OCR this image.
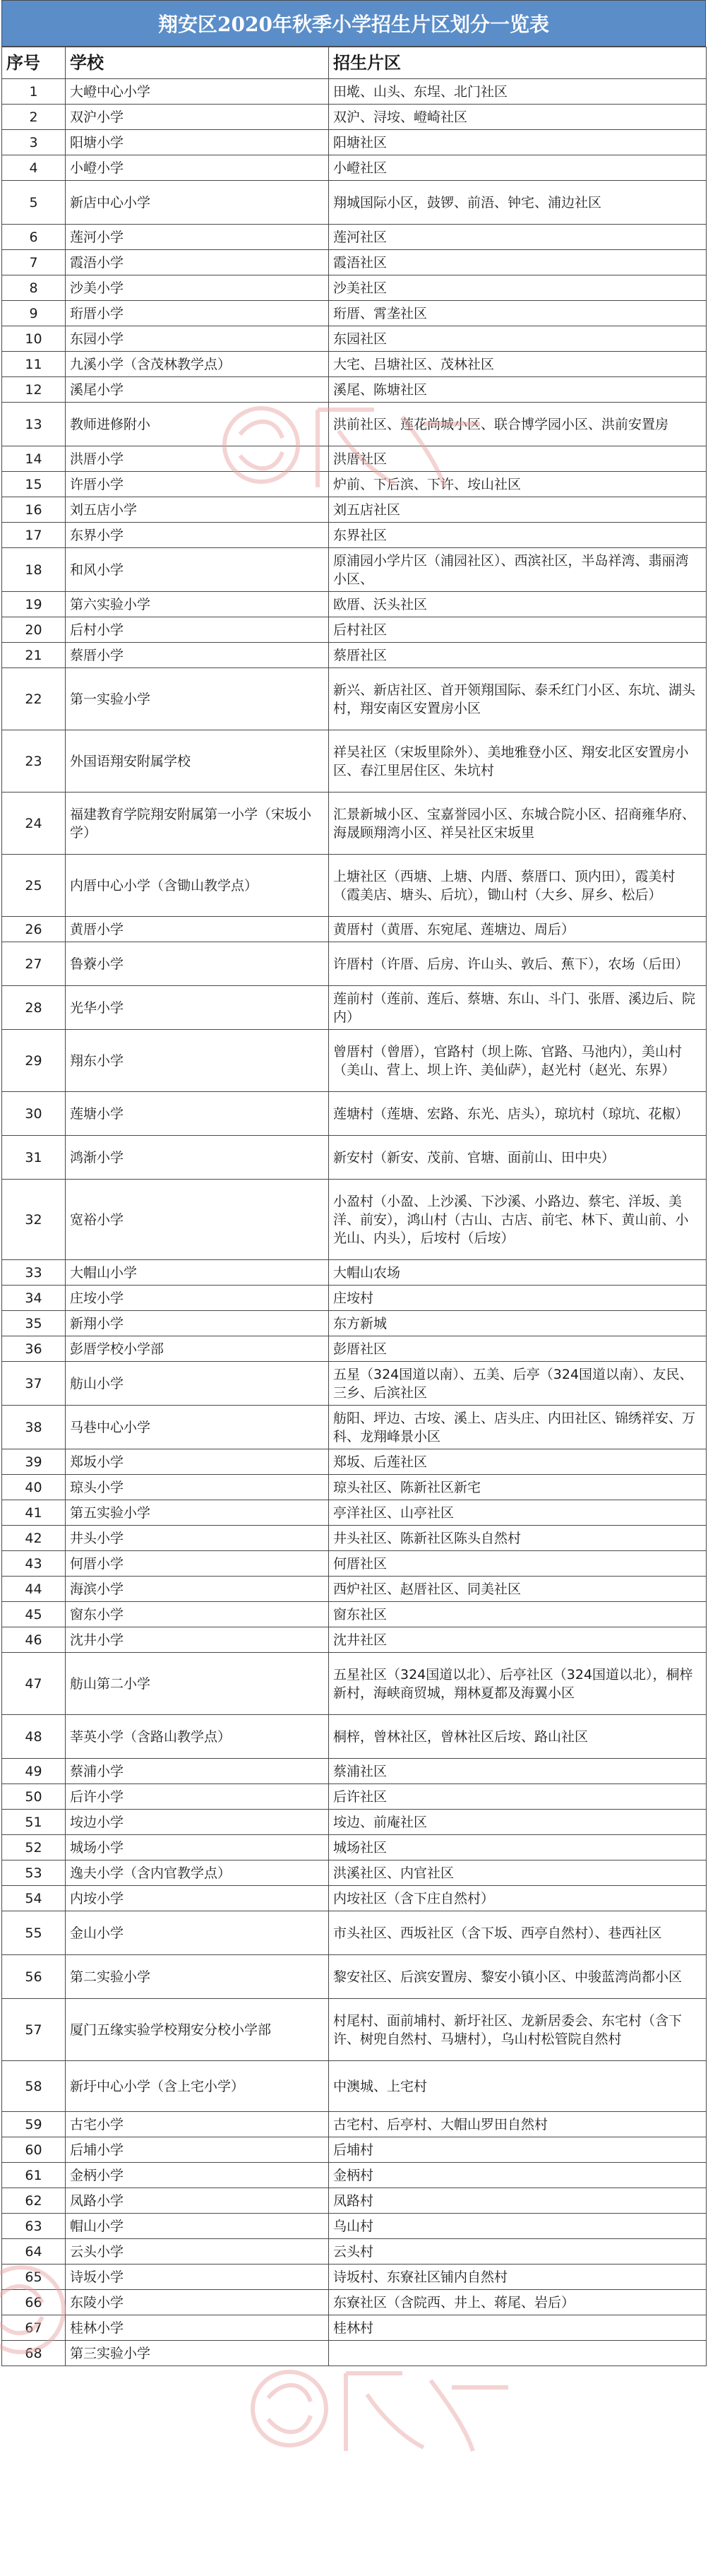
翔安区2020年秋季小学招生片区划分一览表
序号	学校	招生片区
1	大嶝中心小学	田墘、山头、东埕、北门社区
2	双沪小学	双沪、浔垵、嶝崎社区
3	阳塘小学	阳塘社区
4	小嶝小学	小嶝社区
5	新店中心小学	翔城国际小区，鼓锣、前浯、钟宅、浦边社区
6	莲河小学	莲河社区
7	霞浯小学	霞浯社区
8	沙美小学	沙美社区
9	珩厝小学	珩厝、霄垄社区
10	东园小学	东园社区
11	九溪小学（含茂林教学点）	大宅、吕塘社区、茂林社区
12	溪尾小学	溪尾、陈塘社区
13	教师进修附小	洪前社区、莲花尚城小区、联合博学园小区、洪前安置房
14	洪厝小学	洪厝社区
15	许厝小学	炉前、下后滨、下许、垵山社区
16	刘五店小学	刘五店社区
17	东界小学	东界社区
18	和风小学	原浦园小学片区（浦园社区）、西滨社区，半岛祥湾、翡丽湾小区、
19	第六实验小学	欧厝、沃头社区
20	后村小学	后村社区
21	蔡厝小学	蔡厝社区
22	第一实验小学	新兴、新店社区、首开领翔国际、泰禾红门小区、东坑、湖头村，翔安南区安置房小区
23	外国语翔安附属学校	祥吴社区（宋坂里除外）、美地雅登小区、翔安北区安置房小区、春江里居住区、朱坑村
24	福建教育学院翔安附属第一小学（宋坂小学）	汇景新城小区、宝嘉誉园小区、东城合院小区、招商雍华府、海晟顾翔湾小区、祥吴社区宋坂里
25	内厝中心小学（含锄山教学点）	上塘社区（西塘、上塘、内厝、蔡厝口、顶内田），霞美村（霞美店、塘头、后坑），锄山村（大乡、屏乡、松后）
26	黄厝小学	黄厝村（黄厝、东宛尾、莲塘边、周后）
27	鲁藔小学	许厝村（许厝、后房、许山头、敦后、蕉下），农场（后田）
28	光华小学	莲前村（莲前、莲后、蔡塘、东山、斗门、张厝、溪边后、院内）
29	翔东小学	曾厝村（曾厝），官路村（坝上陈、官路、马池内），美山村（美山、营上、坝上许、美仙萨），赵光村（赵光、东界）
30	莲塘小学	莲塘村（莲塘、宏路、东光、店头），琼坑村（琼坑、花椒）
31	鸿渐小学	新安村（新安、茂前、官塘、面前山、田中央）
32	宽裕小学	小盈村（小盈、上沙溪、下沙溪、小路边、蔡宅、洋坂、美洋、前安），鸿山村（古山、古店、前宅、林下、黄山前、小光山、内头），后垵村（后垵）
33	大帽山小学	大帽山农场
34	庄垵小学	庄垵村
35	新翔小学	东方新城
36	彭厝学校小学部	彭厝社区
37	舫山小学	五星（324国道以南）、五美、后亭（324国道以南）、友民、三乡、后滨社区
38	马巷中心小学	舫阳、坪边、古垵、溪上、店头庄、内田社区、锦绣祥安、万科、龙翔峰景小区
39	郑坂小学	郑坂、后莲社区
40	琼头小学	琼头社区、陈新社区新宅
41	第五实验小学	亭洋社区、山亭社区
42	井头小学	井头社区、陈新社区陈头自然村
43	何厝小学	何厝社区
44	海滨小学	西炉社区、赵厝社区、同美社区
45	窗东小学	窗东社区
46	沈井小学	沈井社区
47	舫山第二小学	五星社区（324国道以北）、后亭社区（324国道以北），桐梓新村，海峡商贸城，翔林夏都及海翼小区
48	莘英小学（含路山教学点）	桐梓，曾林社区，曾林社区后垵、路山社区
49	蔡浦小学	蔡浦社区
50	后许小学	后许社区
51	垵边小学	垵边、前庵社区
52	城场小学	城场社区
53	逸夫小学（含内官教学点）	洪溪社区、内官社区
54	内垵小学	内垵社区（含下庄自然村）
55	金山小学	市头社区、西坂社区（含下坂、西亭自然村）、巷西社区
56	第二实验小学	黎安社区、后滨安置房、黎安小镇小区、中骏蓝湾尚都小区
57	厦门五缘实验学校翔安分校小学部	村尾村、面前埔村、新圩社区、龙新居委会、东宅村（含下许、树兜自然村、马塘村），乌山村松管院自然村
58	新圩中心小学（含上宅小学）	中澳城、上宅村
59	古宅小学	古宅村、后亭村、大帽山罗田自然村
60	后埔小学	后埔村
61	金柄小学	金柄村
62	凤路小学	凤路村
63	帽山小学	乌山村
64	云头小学	云头村
65	诗坂小学	诗坂村、东寮社区铺内自然村
66	东陵小学	东寮社区（含院西、井上、蒋尾、岩后）
67	桂林小学	桂林村
68	第三实验小学	
